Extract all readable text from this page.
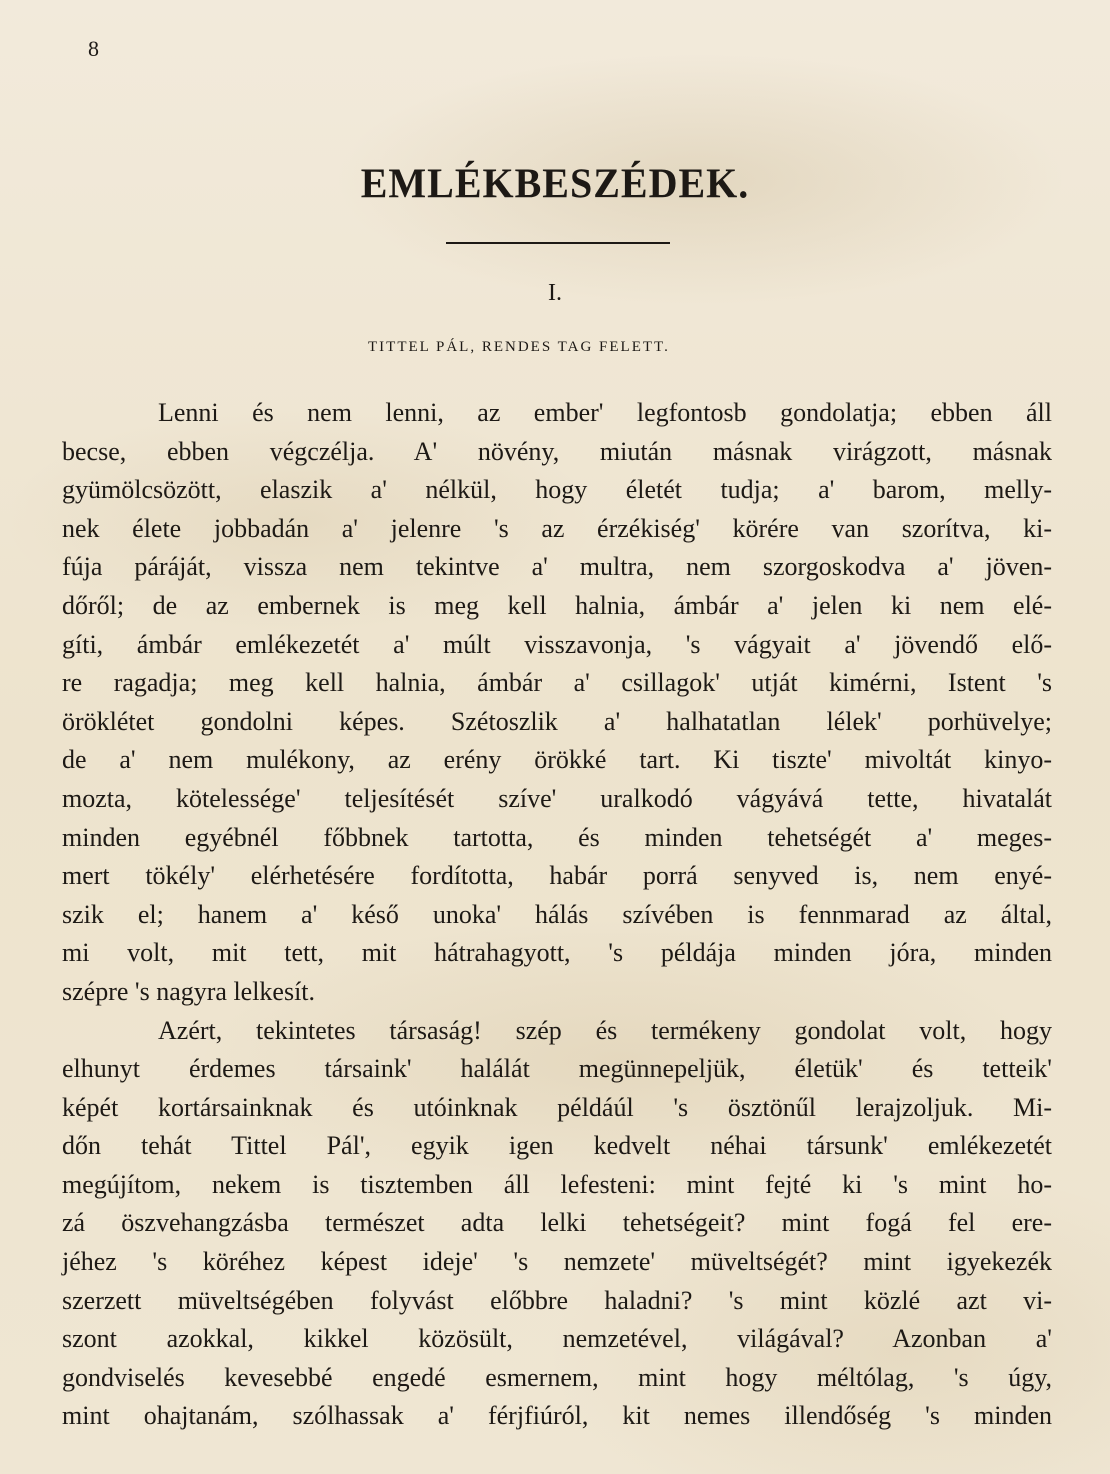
8
EMLÉKBESZÉDEK.
I.
TITTEL PÁL, RENDES TAG FELETT.
Lenni és nem lenni, az ember' legfontosb gondolatja; ebben áll
becse, ebben végczélja. A' növény, miután másnak virágzott, másnak
gyümölcsözött, elaszik a' nélkül, hogy életét tudja; a' barom, melly-
nek élete jobbadán a' jelenre 's az érzékiség' körére van szorítva, ki-
fúja páráját, vissza nem tekintve a' multra, nem szorgoskodva a' jöven-
dőről; de az embernek is meg kell halnia, ámbár a' jelen ki nem elé-
gíti, ámbár emlékezetét a' múlt visszavonja, 's vágyait a' jövendő elő-
re ragadja; meg kell halnia, ámbár a' csillagok' utját kimérni, Istent 's
öröklétet gondolni képes. Szétoszlik a' halhatatlan lélek' porhüvelye;
de a' nem mulékony, az erény örökké tart. Ki tiszte' mivoltát kinyo-
mozta, kötelessége' teljesítését szíve' uralkodó vágyává tette, hivatalát
minden egyébnél főbbnek tartotta, és minden tehetségét a' meges-
mert tökély' elérhetésére fordította, habár porrá senyved is, nem enyé-
szik el; hanem a' késő unoka' hálás szívében is fennmarad az által,
mi volt, mit tett, mit hátrahagyott, 's példája minden jóra, minden
szépre 's nagyra lelkesít.
Azért, tekintetes társaság! szép és termékeny gondolat volt, hogy
elhunyt érdemes társaink' halálát megünnepeljük, életük' és tetteik'
képét kortársainknak és utóinknak példáúl 's ösztönűl lerajzoljuk. Mi-
dőn tehát Tittel Pál', egyik igen kedvelt néhai társunk' emlékezetét
megújítom, nekem is tisztemben áll lefesteni: mint fejté ki 's mint ho-
zá öszvehangzásba természet adta lelki tehetségeit? mint fogá fel ere-
jéhez 's köréhez képest ideje' 's nemzete' müveltségét? mint igyekezék
szerzett müveltségében folyvást előbbre haladni? 's mint közlé azt vi-
szont azokkal, kikkel közösült, nemzetével, világával? Azonban a'
gondviselés kevesebbé engedé esmernem, mint hogy méltólag, 's úgy,
mint ohajtanám, szólhassak a' férjfiúról, kit nemes illendőség 's minden
